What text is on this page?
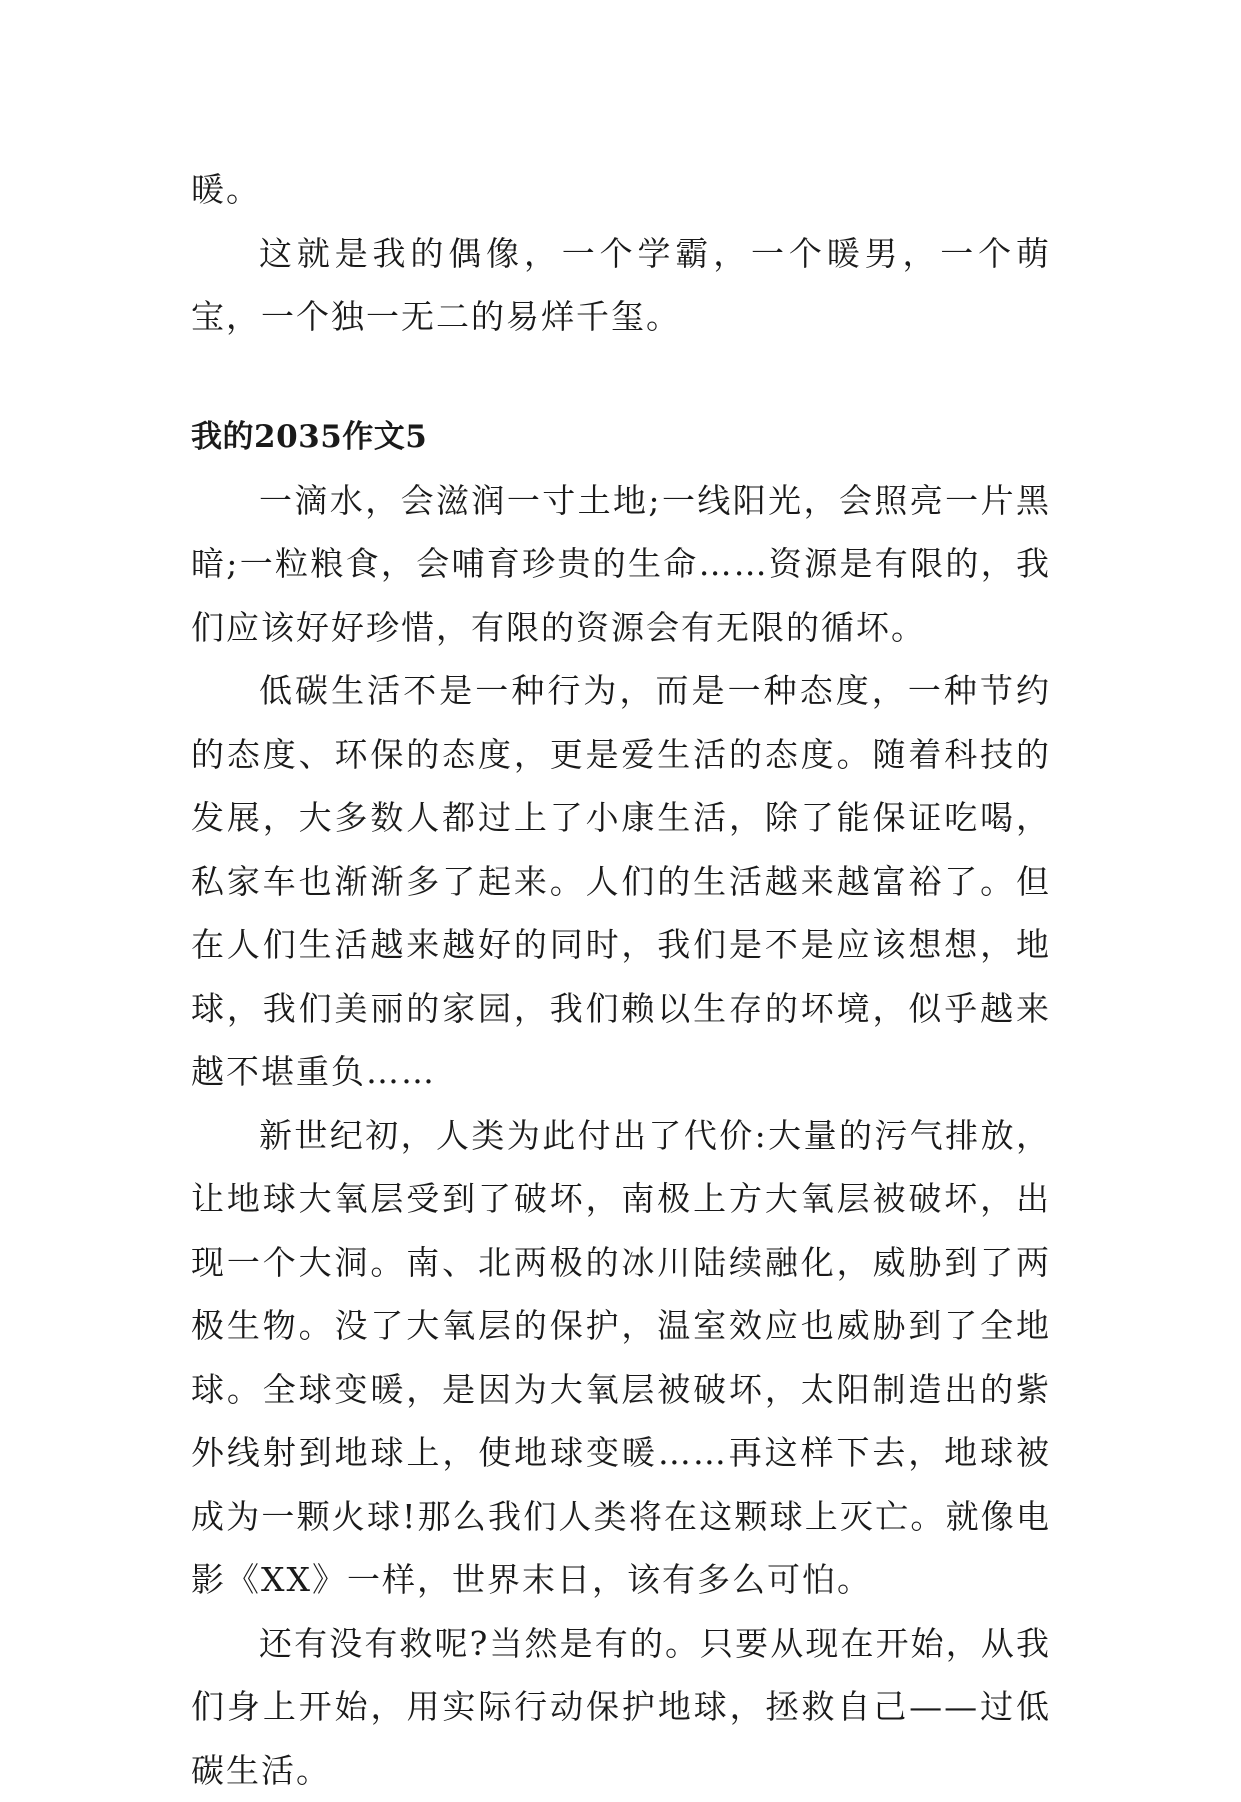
暖。

这就是我的偶像，一个学霸，一个暖男，一个萌宝，一个独一无二的易烊千玺。

我的2035作文5

一滴水，会滋润一寸土地;一线阳光，会照亮一片黑暗;一粒粮食，会哺育珍贵的生命……资源是有限的，我们应该好好珍惜，有限的资源会有无限的循坏。

低碳生活不是一种行为，而是一种态度，一种节约的态度、环保的态度，更是爱生活的态度。随着科技的发展，大多数人都过上了小康生活，除了能保证吃喝，私家车也渐渐多了起来。人们的生活越来越富裕了。但在人们生活越来越好的同时，我们是不是应该想想，地球，我们美丽的家园，我们赖以生存的坏境，似乎越来越不堪重负……

新世纪初，人类为此付出了代价:大量的污气排放，让地球大氧层受到了破坏，南极上方大氧层被破坏，出现一个大洞。南、北两极的冰川陆续融化，威胁到了两极生物。没了大氧层的保护，温室效应也威胁到了全地球。全球变暖，是因为大氧层被破坏，太阳制造出的紫外线射到地球上，使地球变暖……再这样下去，地球被成为一颗火球!那么我们人类将在这颗球上灭亡。就像电影《XX》一样，世界末日，该有多么可怕。

还有没有救呢?当然是有的。只要从现在开始，从我们身上开始，用实际行动保护地球，拯救自己——过低碳生活。
